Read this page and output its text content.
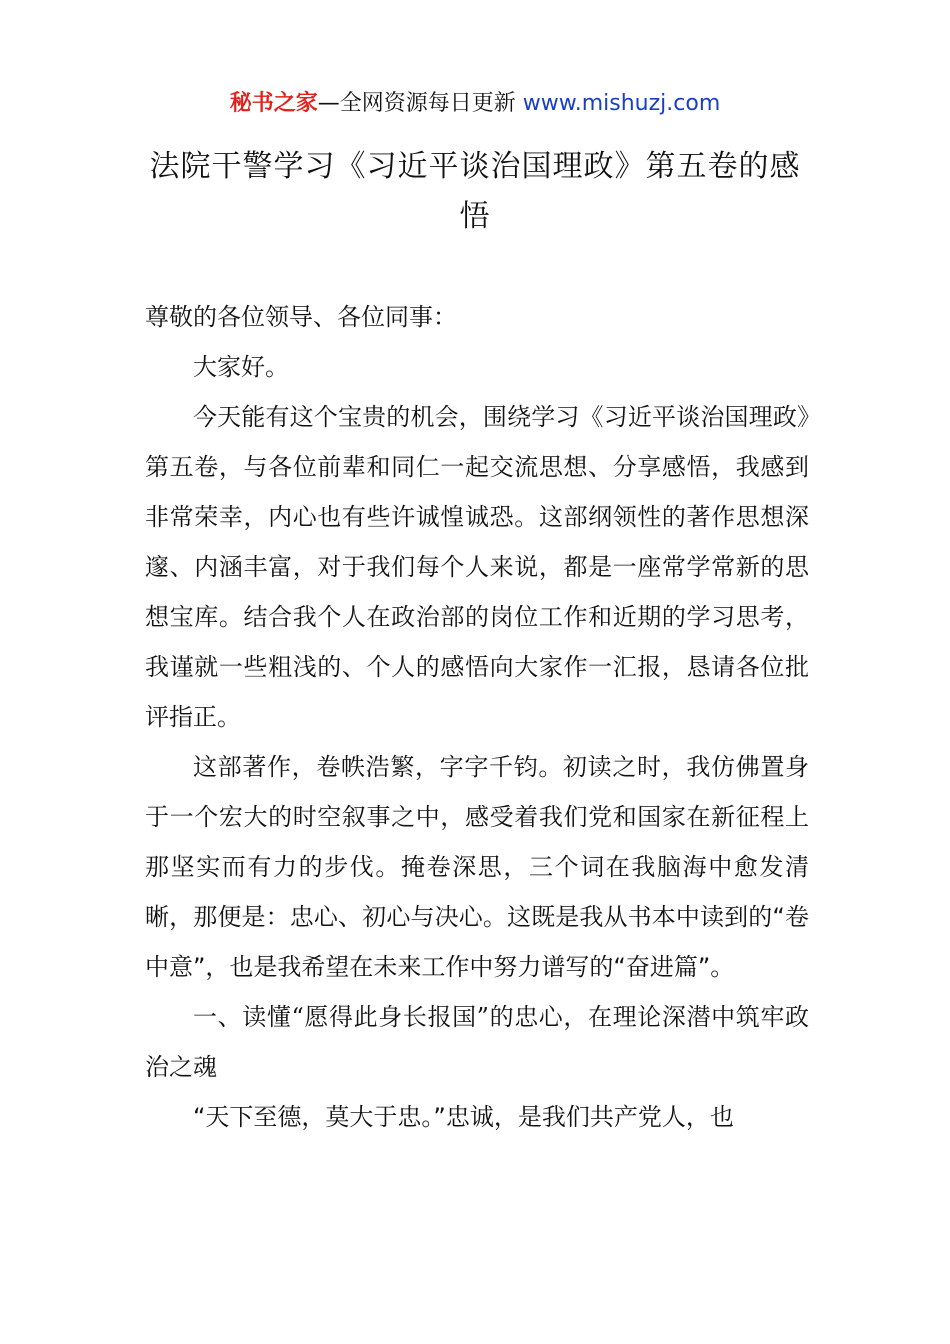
秘书之家—全网资源每日更新 www.mishuzj.com
法院干警学习《习近平谈治国理政》第五卷的感悟

尊敬的各位领导、各位同事：

大家好。

今天能有这个宝贵的机会，围绕学习《习近平谈治国理政》第五卷，与各位前辈和同仁一起交流思想、分享感悟，我感到非常荣幸，内心也有些许诚惶诚恐。这部纲领性的著作思想深邃、内涵丰富，对于我们每个人来说，都是一座常学常新的思想宝库。结合我个人在政治部的岗位工作和近期的学习思考，我谨就一些粗浅的、个人的感悟向大家作一汇报，恳请各位批评指正。

这部著作，卷帙浩繁，字字千钧。初读之时，我仿佛置身于一个宏大的时空叙事之中，感受着我们党和国家在新征程上那坚实而有力的步伐。掩卷深思，三个词在我脑海中愈发清晰，那便是：忠心、初心与决心。这既是我从书本中读到的“卷中意”，也是我希望在未来工作中努力谱写的“奋进篇”。

一、读懂“愿得此身长报国”的忠心，在理论深潜中筑牢政治之魂

“天下至德，莫大于忠。”忠诚，是我们共产党人，也
